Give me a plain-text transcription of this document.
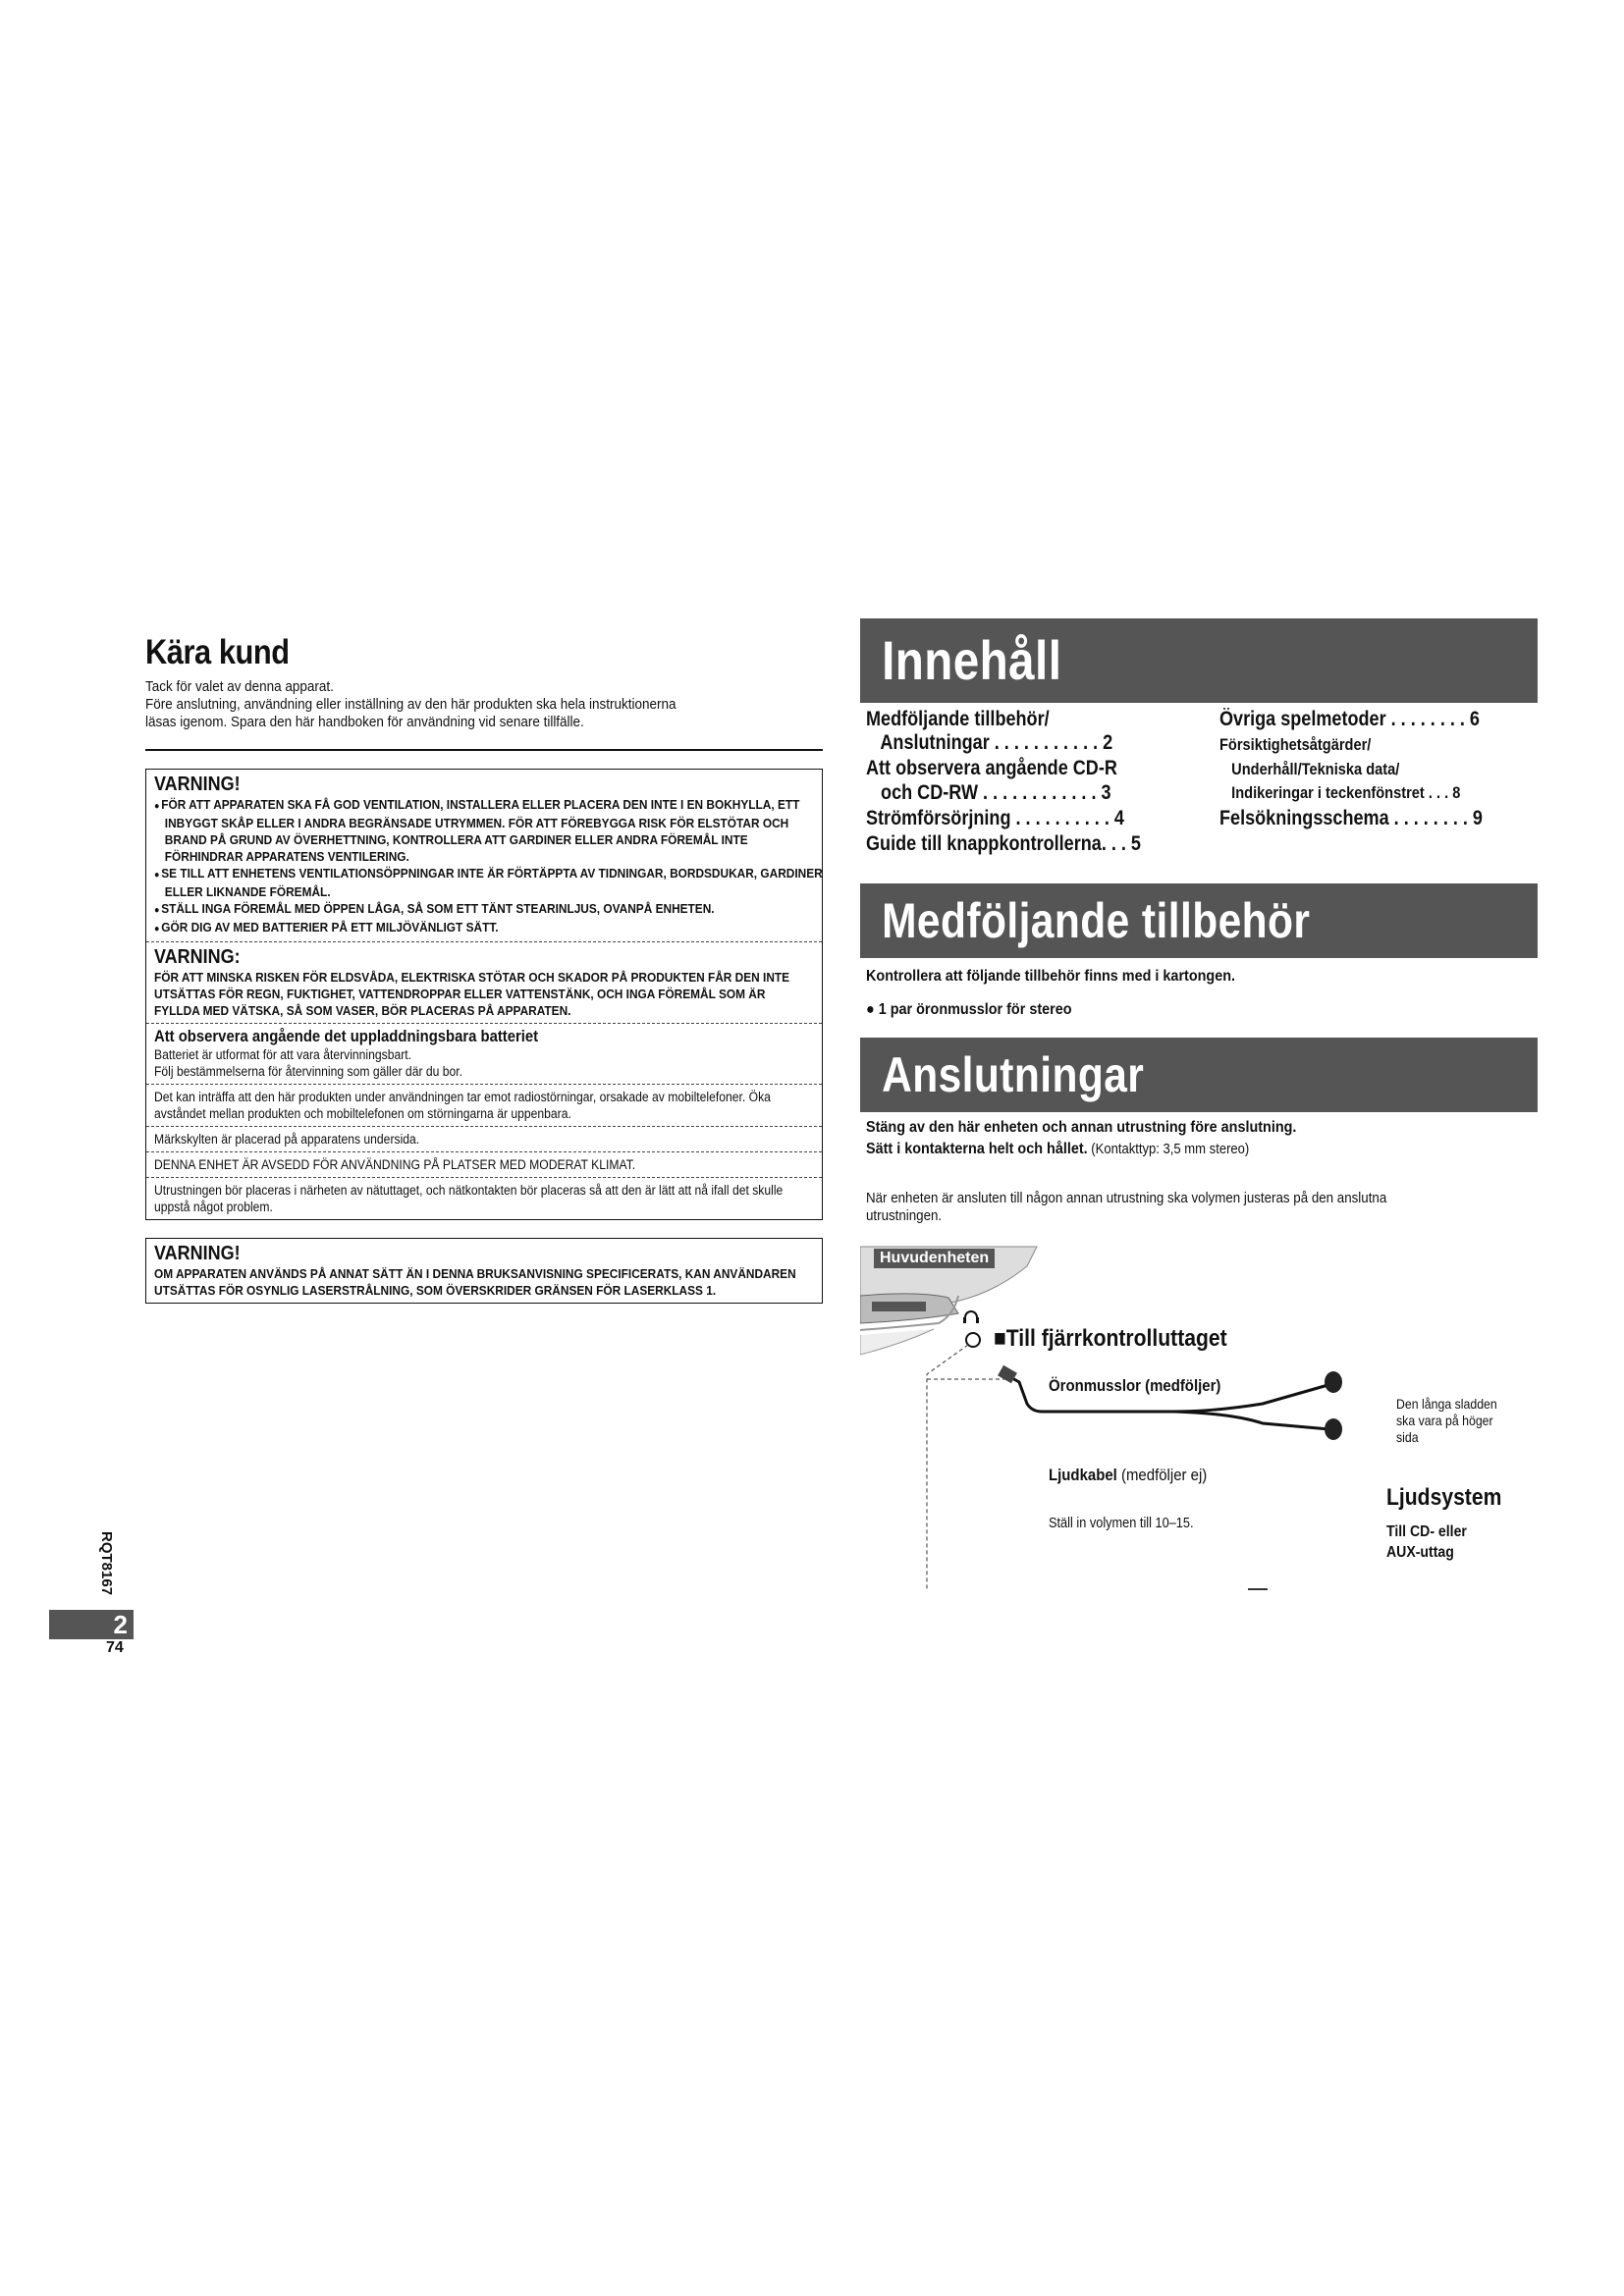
Kära kund

Tack för valet av denna apparat.

Före anslutning, användning eller inställning av den här produkten ska hela instruktionerna

läsas igenom. Spara den här handboken för användning vid senare tillfälle.

VARNING!

● FÖR ATT APPARATEN SKA FÅ GOD VENTILATION, INSTALLERA ELLER PLACERA DEN INTE I EN BOKHYLLA, ETT INBYGGT SKÅP ELLER I ANDRA BEGRÄNSADE UTRYMMEN. FÖR ATT FÖREBYGGA RISK FÖR ELSTÖTAR OCH BRAND PÅ GRUND AV ÖVERHETTNING, KONTROLLERA ATT GARDINER ELLER ANDRA FÖREMÅL INTE FÖRHINDRAR APPARATENS VENTILERING.
● SE TILL ATT ENHETENS VENTILATIONSÖPPNINGAR INTE ÄR FÖRTÄPPTA AV TIDNINGAR, BORDSDUKAR, GARDINER ELLER LIKNANDE FÖREMÅL.
● STÄLL INGA FÖREMÅL MED ÖPPEN LÅGA, SÅ SOM ETT TÄNT STEARINLJUS, OVANPÅ ENHETEN.
● GÖR DIG AV MED BATTERIER PÅ ETT MILJÖVÄNLIGT SÄTT.

VARNING:

FÖR ATT MINSKA RISKEN FÖR ELDSVÅDA, ELEKTRISKA STÖTAR OCH SKADOR PÅ PRODUKTEN FÅR DEN INTE UTSÄTTAS FÖR REGN, FUKTIGHET, VATTENDROPPAR ELLER VATTENSTÄNK, OCH INGA FÖREMÅL SOM ÄR FYLLDA MED VÄTSKA, SÅ SOM VASER, BÖR PLACERAS PÅ APPARATEN.

Att observera angående det uppladdningsbara batteriet

Batteriet är utformat för att vara återvinningsbart.

Följ bestämmelserna för återvinning som gäller där du bor.

Det kan inträffa att den här produkten under användningen tar emot radiostörningar, orsakade av mobiltelefoner. Öka avståndet mellan produkten och mobiltelefonen om störningarna är uppenbara.

Märkskylten är placerad på apparatens undersida.

DENNA ENHET ÄR AVSEDD FÖR ANVÄNDNING PÅ PLATSER MED MODERAT KLIMAT.

Utrustningen bör placeras i närheten av nätuttaget, och nätkontakten bör placeras så att den är lätt att nå ifall det skulle uppstå något problem.

VARNING!

OM APPARATEN ANVÄNDS PÅ ANNAT SÄTT ÄN I DENNA BRUKSANVISNING SPECIFICERATS, KAN ANVÄNDAREN UTSÄTTAS FÖR OSYNLIG LASERSTRÅLNING, SOM ÖVERSKRIDER GRÄNSEN FÖR LASERKLASS 1.

Innehåll
Medföljande tillbehör/
Anslutningar . . . . . . . . . . . 2
Att observera angående CD-R
och CD-RW . . . . . . . . . . . . 3
Strömförsörjning . . . . . . . . . . 4
Guide till knappkontrollerna. . . 5
Övriga spelmetoder . . . . . . . . 6
Försiktighetsåtgärder/
Underhåll/Tekniska data/
Indikeringar i teckenfönstret . . . 8
Felsökningsschema . . . . . . . . 9
Medföljande tillbehör
Kontrollera att följande tillbehör finns med i kartongen.
● 1 par öronmusslor för stereo
Anslutningar
Stäng av den här enheten och annan utrustning före anslutning.
Sätt i kontakterna helt och hållet. (Kontakttyp: 3,5 mm stereo)
När enheten är ansluten till någon annan utrustning ska volymen justeras på den anslutna utrustningen.
Huvudenheten
■Till fjärrkontrolluttaget
Öronmusslor (medföljer)
Den långa sladden
ska vara på höger
sida
Ljudkabel (medföljer ej)
Ställ in volymen till 10–15.
Ljudsystem
Till CD- eller
AUX-uttag
RQT8167
2
74
